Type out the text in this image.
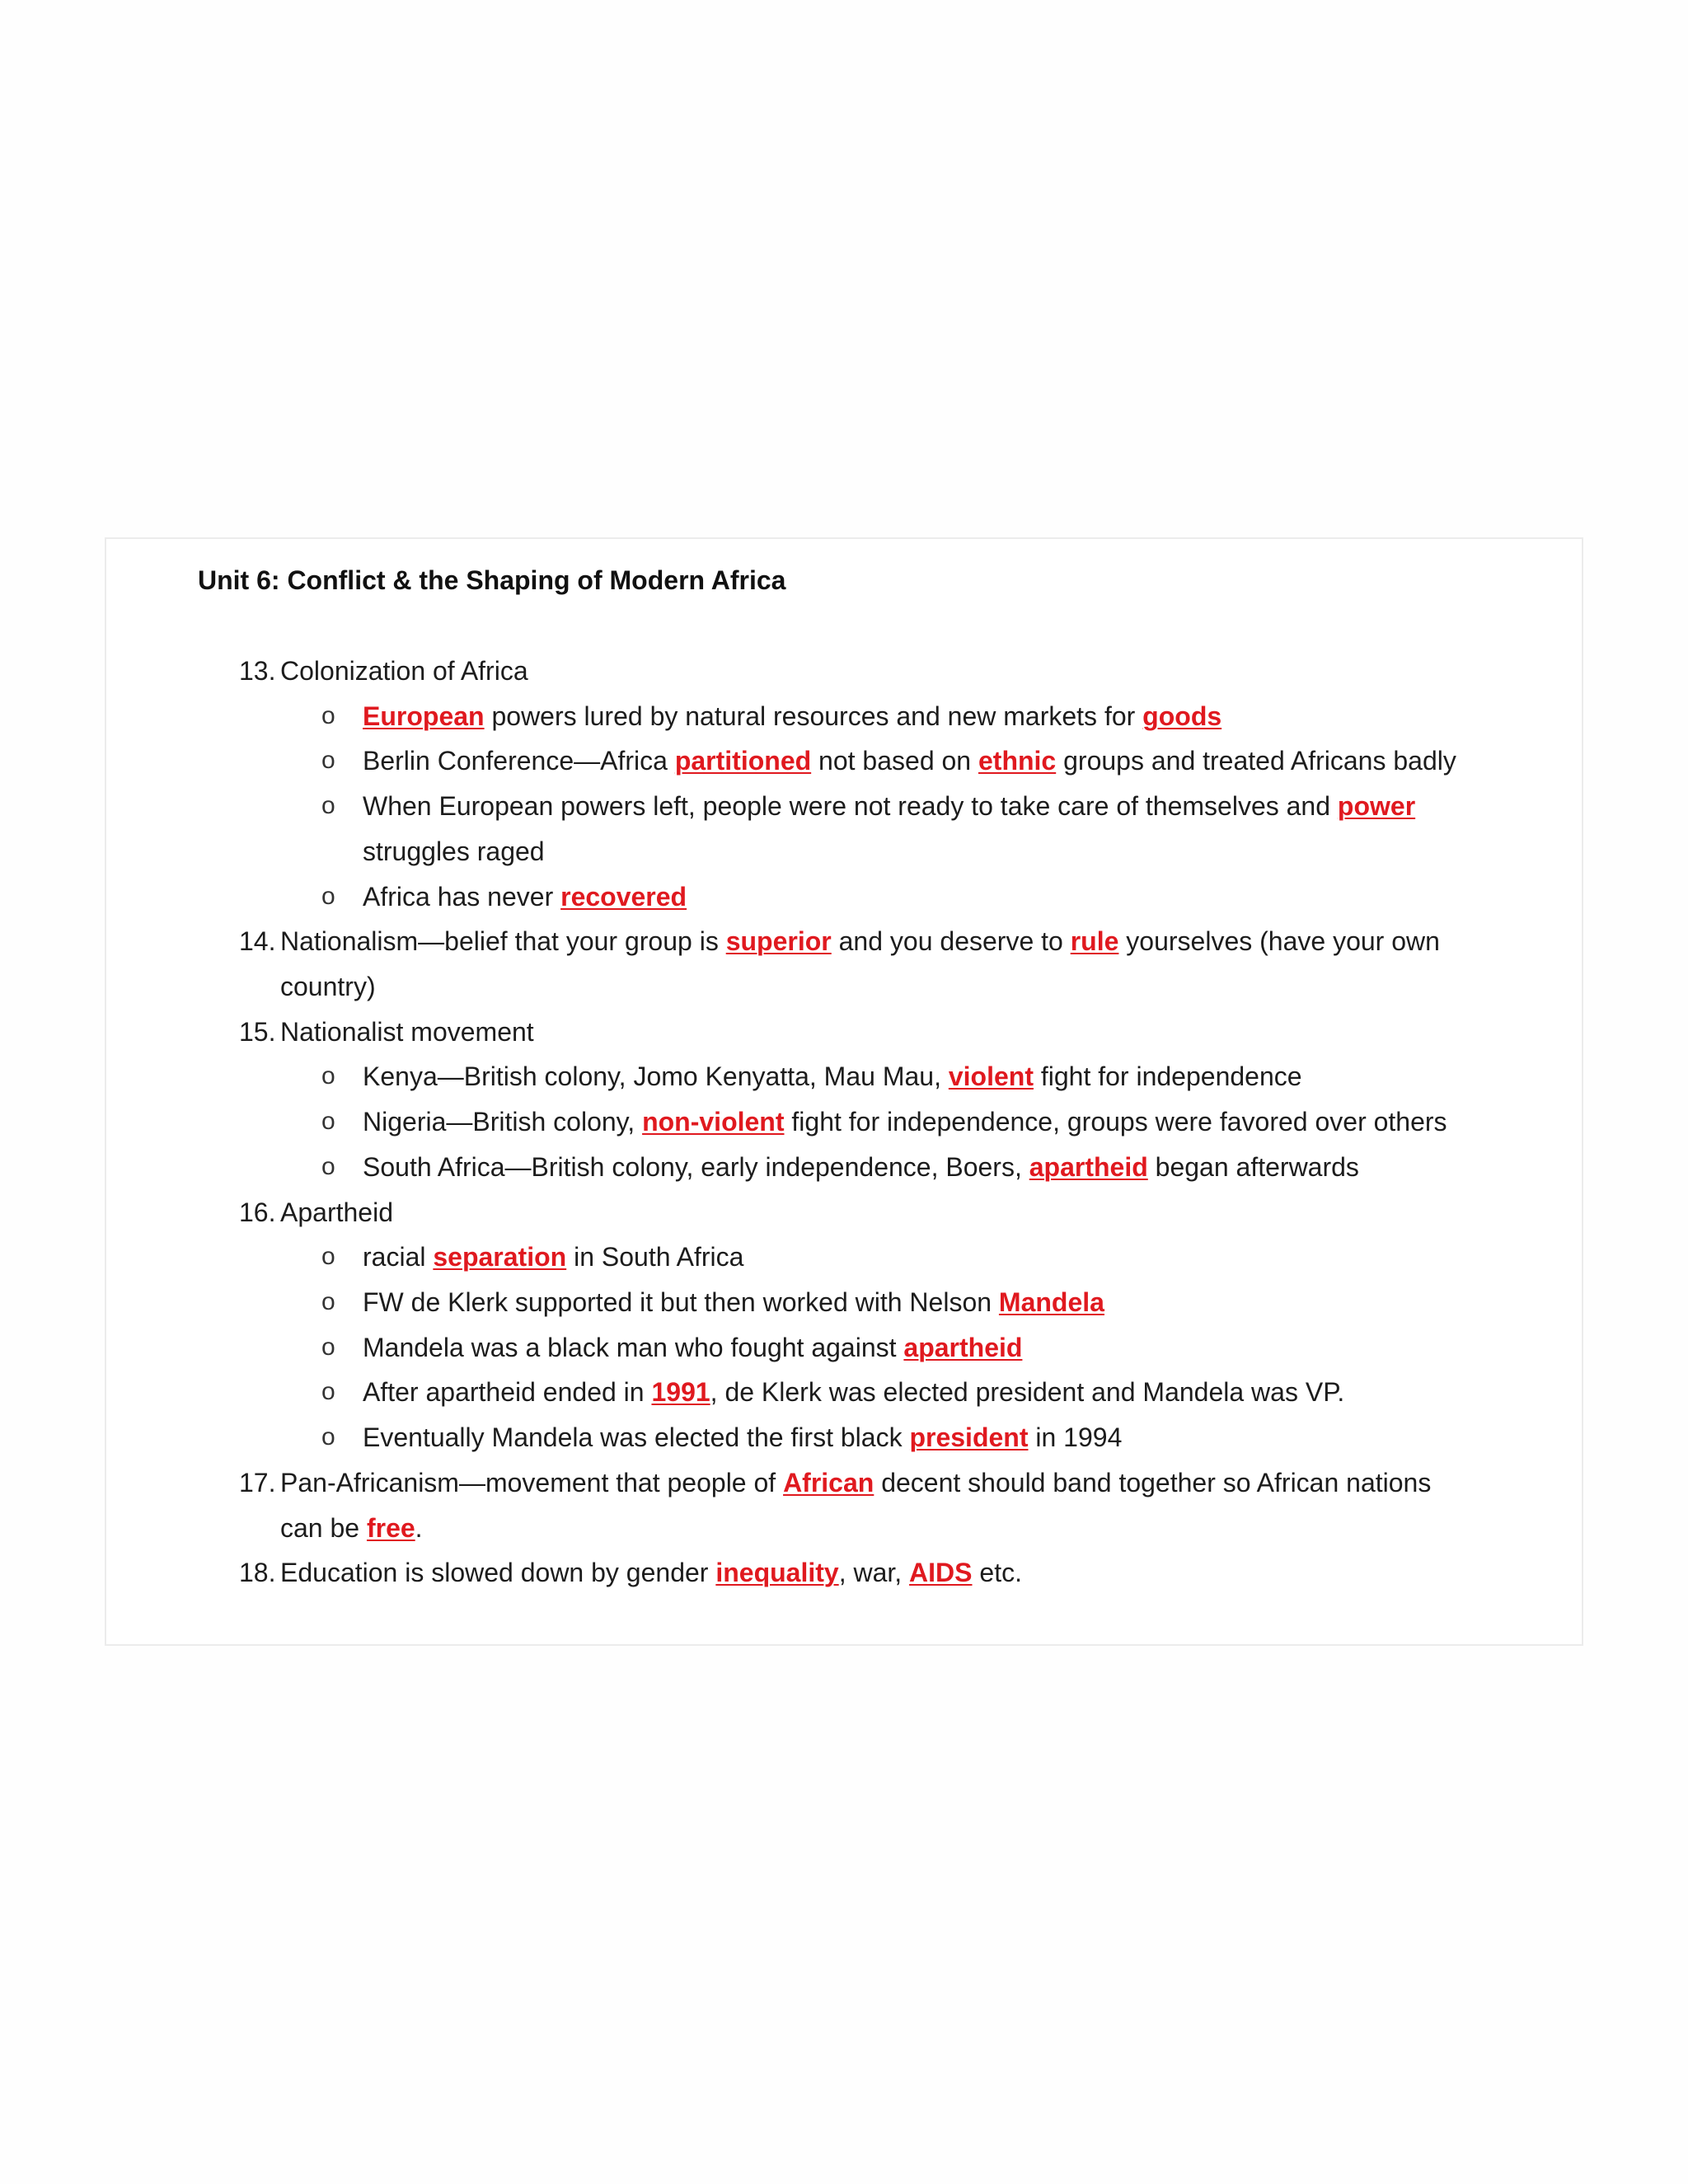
Unit 6: Conflict & the Shaping of Modern Africa
13. Colonization of Africa
o European powers lured by natural resources and new markets for goods
o Berlin Conference—Africa partitioned not based on ethnic groups and treated Africans badly
o When European powers left, people were not ready to take care of themselves and power
struggles raged
o Africa has never recovered
14. Nationalism—belief that your group is superior and you deserve to rule yourselves (have your own
country)
15. Nationalist movement
o Kenya—British colony, Jomo Kenyatta, Mau Mau, violent fight for independence
o Nigeria—British colony, non-violent fight for independence, groups were favored over others
o South Africa—British colony, early independence, Boers, apartheid began afterwards
16. Apartheid
o racial separation in South Africa
o FW de Klerk supported it but then worked with Nelson Mandela
o Mandela was a black man who fought against apartheid
o After apartheid ended in 1991, de Klerk was elected president and Mandela was VP.
o Eventually Mandela was elected the first black president in 1994
17. Pan-Africanism—movement that people of African decent should band together so African nations
can be free.
18. Education is slowed down by gender inequality, war, AIDS etc.
